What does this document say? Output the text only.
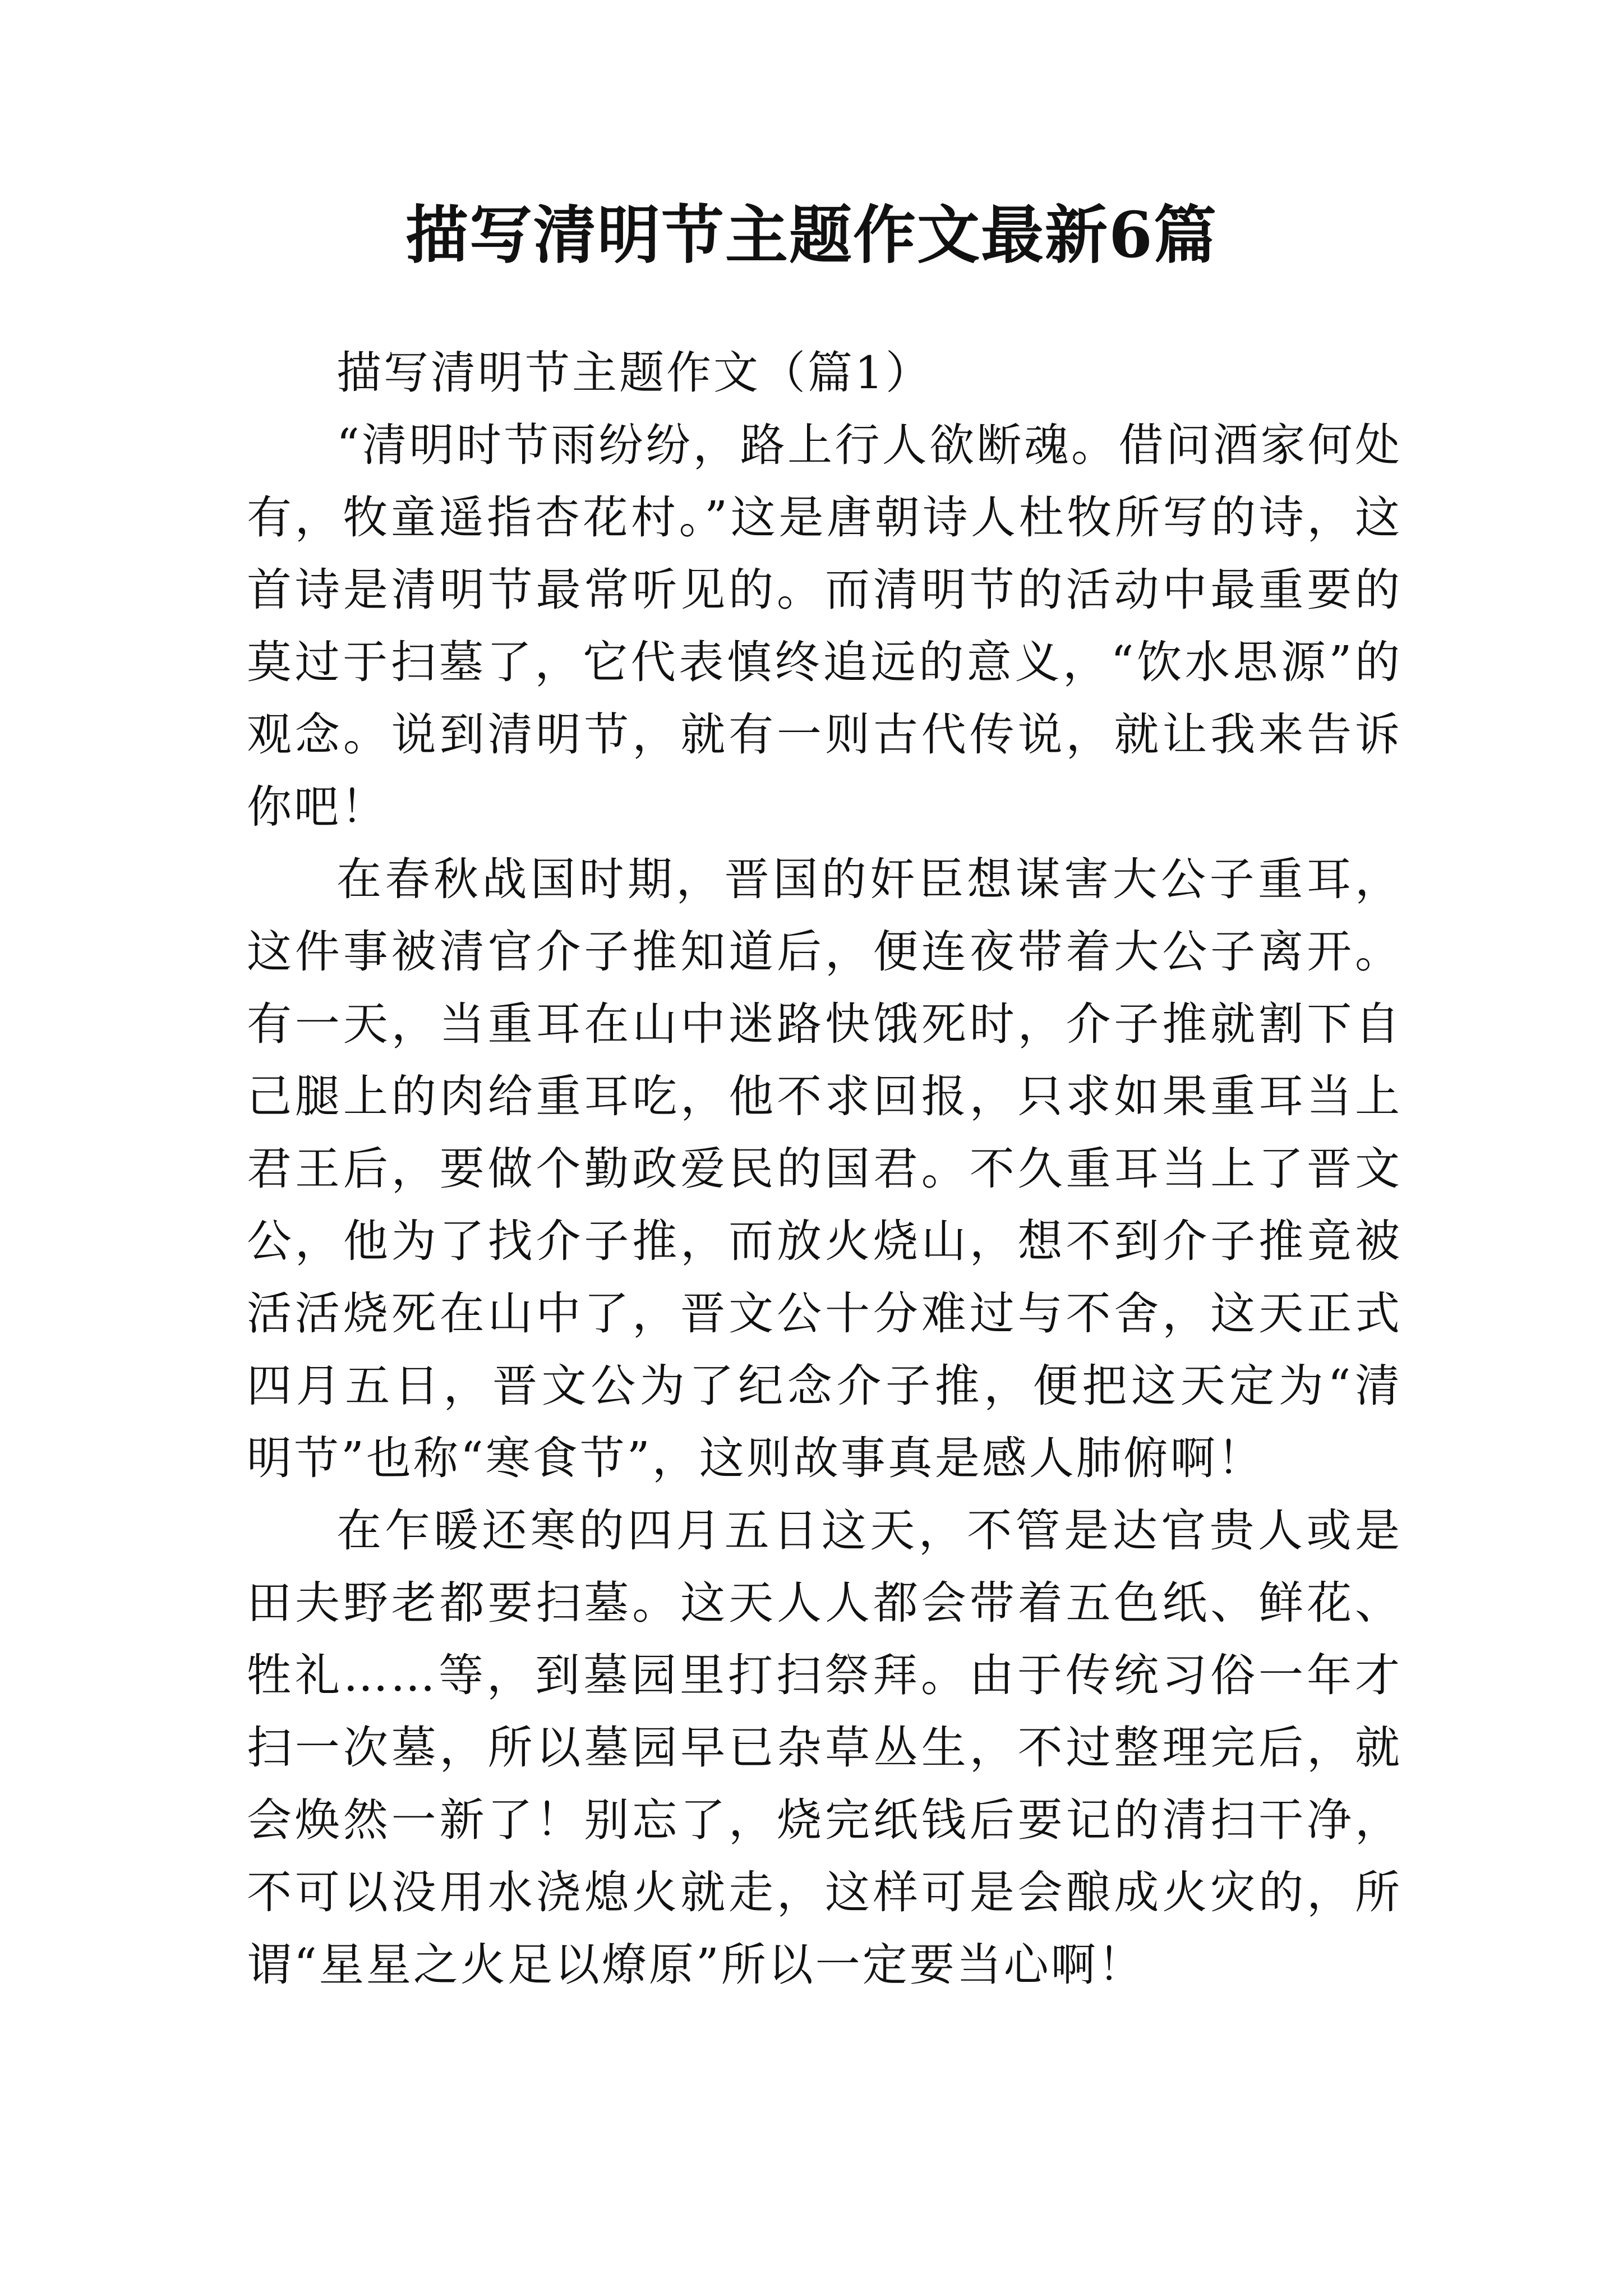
描写清明节主题作文最新6篇

描写清明节主题作文（篇1）

“清明时节雨纷纷，路上行人欲断魂。借问酒家何处有，牧童遥指杏花村。”这是唐朝诗人杜牧所写的诗，这首诗是清明节最常听见的。而清明节的活动中最重要的莫过于扫墓了，它代表慎终追远的意义，“饮水思源”的观念。说到清明节，就有一则古代传说，就让我来告诉你吧！

在春秋战国时期，晋国的奸臣想谋害大公子重耳，这件事被清官介子推知道后，便连夜带着大公子离开。有一天，当重耳在山中迷路快饿死时，介子推就割下自己腿上的肉给重耳吃，他不求回报，只求如果重耳当上君王后，要做个勤政爱民的国君。不久重耳当上了晋文公，他为了找介子推，而放火烧山，想不到介子推竟被活活烧死在山中了，晋文公十分难过与不舍，这天正式四月五日，晋文公为了纪念介子推，便把这天定为“清明节”也称“寒食节”，这则故事真是感人肺俯啊！

在乍暖还寒的四月五日这天，不管是达官贵人或是田夫野老都要扫墓。这天人人都会带着五色纸、鲜花、牲礼……等，到墓园里打扫祭拜。由于传统习俗一年才扫一次墓，所以墓园早已杂草丛生，不过整理完后，就会焕然一新了！别忘了，烧完纸钱后要记的清扫干净，不可以没用水浇熄火就走，这样可是会酿成火灾的，所谓“星星之火足以燎原”所以一定要当心啊！
